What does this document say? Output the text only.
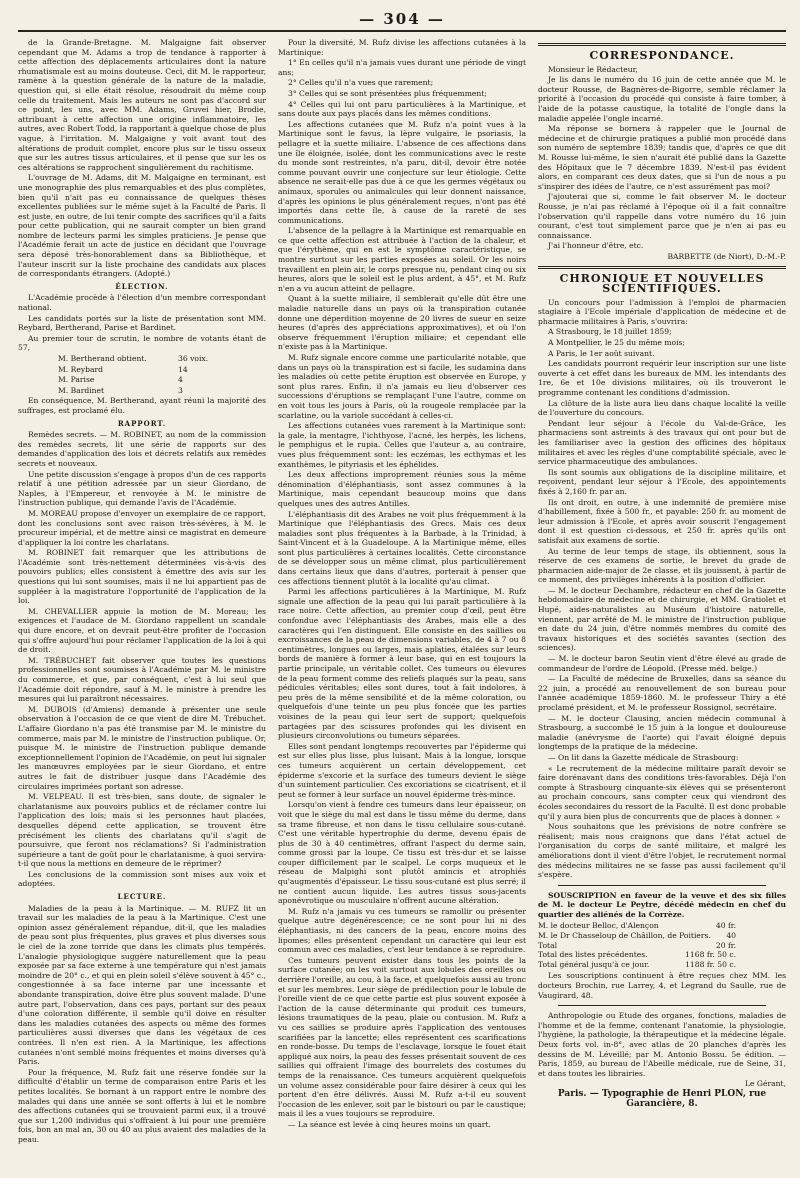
— 304 —

de la Grande-Bretagne. M. Malgaigne fait observer cependant que M. Adams a trop de tendance à rapporter à cette affection des déplacements articulaires dont la nature rhumatismale est au moins douteuse. Ceci, dit M. le rapporteur, ramène à la question générale de la nature de la maladie, question qui, si elle était résolue, résoudrait du même coup celle du traitement. Mais les auteurs ne sont pas d'accord sur ce point, les uns, avec MM. Adams, Gruvei hier, Brodie, attribuant à cette affection une origine inflammatoire, les autres, avec Robert Todd, la rapportant à quelque chose de plus vague, à l'irritation. M. Malgaigne y voit avant tout des altérations de produit complet, encore plus sur le tissu osseux que sur les autres tissus articulaires, et il pense que sur les os ces altérations se rapprochent singulièrement du rachitisme.

L'ouvrage de M. Adams, dit M. Malgaigne en terminant, est une monographie des plus remarquables et des plus complètes, bien qu'il n'ait pas eu connaissance de quelques thèses excellentes publiées sur le même sujet à la Faculté de Paris. Il est juste, en outre, de lui tenir compte des sacrifices qu'il a faits pour cette publication, qui ne saurait compter un bien grand nombre de lecteurs parmi les simples praticiens. Je pense que l'Académie ferait un acte de justice en décidant que l'ouvrage sera déposé très-honorablement dans sa Bibliothèque, et l'auteur inscrit sur la liste prochaine des candidats aux places de correspondants étrangers. (Adopté.)

ÉLECTION.

L'Académie procède à l'élection d'un membre correspondant national.

Les candidats portés sur la liste de présentation sont MM. Reybard, Bertherand, Parise et Bardinet.

Au premier tour de scrutin, le nombre de votants étant de 57,

M. Bertherand obtient.	36 voix.

M. Reybard	14

M. Parise	4

M. Bardinet	3

En conséquence, M. Bertherand, ayant réuni la majorité des suffrages, est proclamé élu.

RAPPORT.

Remèdes secrets. — M. ROBINET, au nom de la commission des remèdes secrets, lit une série de rapports sur des demandes d'application des lois et décrets relatifs aux remèdes secrets et nouveaux.

Une petite discussion s'engage à propos d'un de ces rapports relatif à une pétition adressée par un sieur Giordano, de Naples, à l'Empereur, et renvoyée à M. le ministre de l'instruction publique, qui demande l'avis de l'Académie.

M. MOREAU propose d'envoyer un exemplaire de ce rapport, dont les conclusions sont avec raison très-sévères, à M. le procureur impérial, et de mettre ainsi ce magistrat en demeure d'appliquer la loi contre les charlatans.

M. ROBINET fait remarquer que les attributions de l'Académie sont très-nettement déterminées vis-à-vis des pouvoirs publics; elles consistent à émettre des avis sur les questions qui lui sont soumises, mais il ne lui appartient pas de suppléer à la magistrature l'opportunité de l'application de la loi.

M. CHEVALLIER appuie la motion de M. Moreau; les exigences et l'audace de M. Giordano rappellent un scandale qui dure encore, et on devrait peut-être profiter de l'occasion qui s'offre aujourd'hui pour réclamer l'application de la loi à qui de droit.

M. TRÉBUCHET fait observer que toutes les questions professionnelles sont soumises à l'Académie par M. le ministre du commerce, et que, par conséquent, c'est à lui seul que l'Académie doit répondre, sauf à M. le ministre à prendre les mesures qui lui paraîtront nécessaires.

M. DUBOIS (d'Amiens) demande à présenter une seule observation à l'occasion de ce que vient de dire M. Trébuchet. L'affaire Giordano n'a pas été transmise par M. le ministre du commerce, mais par M. le ministre de l'instruction publique. Or, puisque M. le ministre de l'instruction publique demande exceptionnellement l'opinion de l'Académie, on peut lui signaler les manœuvres employées par le sieur Giordano, et entre autres le fait de distribuer jusque dans l'Académie des circulaires imprimées portant son adresse.

M. VELPEAU. Il est très-bien, sans doute, de signaler le charlatanisme aux pouvoirs publics et de réclamer contre lui l'application des lois; mais si les personnes haut placées, desquelles dépend cette application, se trouvent être précisément les clients des charlatans qu'il s'agit de poursuivre, que feront nos réclamations? Si l'administration supérieure a tant de goût pour le charlatanisme, à quoi servira-t-il que nous la mettions en demeure de le réprimer?

Les conclusions de la commission sont mises aux voix et adoptées.

LECTURE.

Maladies de la peau à la Martinique. — M. RUFZ lit un travail sur les maladies de la peau à la Martinique. C'est une opinion assez généralement répandue, dit-il, que les maladies de peau sont plus fréquentes, plus graves et plus diverses sous le ciel de la zone torride que dans les climats plus tempérés. L'analogie physiologique suggère naturellement que la peau exposée par sa face externe à une température qui n'est jamais moindre de 20° c., et qui en plein soleil s'élève souvent à 45° c., congestionnée à sa face interne par une incessante et abondante transpiration, doive être plus souvent malade. D'une autre part, l'observation, dans ces pays, portant sur des peaux d'une coloration différente, il semble qu'il doive en résulter dans les maladies cutanées des aspects ou même des formes particulières aussi diverses que dans les végétaux de ces contrées. Il n'en est rien. A la Martinique, les affections cutanées n'ont semblé moins fréquentes et moins diverses qu'à Paris.

Pour la fréquence, M. Rufz fait une réserve fondée sur la difficulté d'établir un terme de comparaison entre Paris et les petites localités. Se bornant à un rapport entre le nombre des malades qui dans une année se sont offerts à lui et le nombre des affections cutanées qui se trouvaient parmi eux, il a trouvé que sur 1,200 individus qui s'offraient à lui pour une première fois, bon an mal an, 30 ou 40 au plus avaient des maladies de la peau.

Pour la diversité, M. Rufz divise les affections cutanées à la Martinique:

1° En celles qu'il n'a jamais vues durant une période de vingt ans;

2° Celles qu'il n'a vues que rarement;

3° Celles qui se sont présentées plus fréquemment;

4° Celles qui lui ont paru particulières à la Martinique, et sans doute aux pays placés dans les mêmes conditions.

Les affections cutanées que M. Rufz n'a point vues à la Martinique sont le favus, la lèpre vulgaire, le psoriasis, la pellagre et la suette miliaire. L'absence de ces affections dans une île éloignée, isolée, dont les communications avec le reste du monde sont restreintes, n'a paru, dit-il, devoir être notée comme pouvant ouvrir une conjecture sur leur étiologie. Cette absence ne serait-elle pas due à ce que les germes végétaux ou animaux, sporules ou animalcules qui leur donnent naissance, d'après les opinions le plus généralement reçues, n'ont pas été importés dans cette île, à cause de la rareté de ses communications.

L'absence de la pellagre à la Martinique est remarquable en ce que cette affection est attribuée à l'action de la chaleur, et que l'érythème, qui en est le symptôme caractéristique, se montre surtout sur les parties exposées au soleil. Or les noirs travaillent en plein air, le corps presque nu, pendant cinq ou six heures, alors que le soleil est le plus ardent, à 45°, et M. Rufz n'en a vu aucun atteint de pellagre.

Quant à la suette miliaire, il semblerait qu'elle dût être une maladie naturelle dans un pays où la transpiration cutanée donne une déperdition moyenne de 20 livres de sueur en seize heures (d'après des appréciations approximatives), et où l'on observe fréquemment l'éruption miliaire; et cependant elle n'existe pas à la Martinique.

M. Rufz signale encore comme une particularité notable, que dans un pays où la transpiration est si facile, les sudamina dans les maladies où cette petite éruption est observée en Europe, y sont plus rares. Enfin, il n'a jamais eu lieu d'observer ces successions d'éruptions se remplaçant l'une l'autre, comme on en voit tous les jours à Paris, où la rougeole remplacée par la scarlatine, ou la variole succédant à celles-ci.

Les affections cutanées vues rarement à la Martinique sont: la gale, la mentagre, l'ichthyose, l'acné, les herpès, les lichens, le pemphigus et le rupia. Celles que l'auteur a, au contraire, vues plus fréquemment sont: les eczémas, les ecthymas et les exanthèmes, le pityriasis et les éphélides.

Les deux affections improprement réunies sous la même dénomination d'éléphantiasis, sont assez communes à la Martinique, mais cependant beaucoup moins que dans quelques unes des autres Antilles.

L'éléphantiasis dit des Arabes ne voit plus fréquemment à la Martinique que l'éléphantiasis des Grecs. Mais ces deux maladies sont plus fréquentes à la Barbade, à la Trinidad, à Saint-Vincent et à la Guadeloupe. A la Martinique même, elles sont plus particulières à certaines localités. Cette circonstance de se développer sous un même climat, plus particulièrement dans certains lieux que dans d'autres, porterait à penser que ces affections tiennent plutôt à la localité qu'au climat.

Parmi les affections particulières à la Martinique, M. Rufz signale une affection de la peau qui lui paraît particulière à la race noire. Cette affection, au premier coup d'œil, peut être confondue avec l'éléphantiasis des Arabes, mais elle a des caractères qui l'en distinguent. Elle consiste en des saillies ou excroissances de la peau de dimensions variables, de 4 à 7 ou 8 centimètres, longues ou larges, mais aplaties, étalées sur leurs bords de manière à former à leur base, qui en est toujours la partie principale, un véritable collet. Ces tumeurs ou élevures de la peau forment comme des reliefs plaqués sur la peau, sans pédicules véritables; elles sont dures, tout à fait indolores, à peu près de la même sensibilité et de la même coloration, ou quelquefois d'une teinte un peu plus foncée que les parties voisines de la peau qui leur sert de support; quelquefois partagées par des scissures profondes qui les divisent en plusieurs circonvolutions ou tumeurs séparées.

Elles sont pendant longtemps recouvertes par l'épiderme qui est sur elles plus lisse, plus luisant. Mais à la longue, lorsque ces tumeurs acquièrent un certain développement, cet épiderme s'excorie et la surface des tumeurs devient le siège d'un suintement particulier. Ces excoriations se cicatrisent, et il peut se former à leur surface un nouvel épiderme très-mince.

Lorsqu'on vient à fendre ces tumeurs dans leur épaisseur, on voit que le siège du mal est dans le tissu même du derme, dans sa trame fibreuse, et non dans le tissu cellulaire sous-cutané. C'est une véritable hypertrophie du derme, devenu épais de plus de 30 à 40 centimètres, offrant l'aspect du derme sain, comme grossi par la loupe. Ce tissu est très-dur et se laisse couper difficilement par le scalpel. Le corps muqueux et le réseau de Malpighi sont plutôt amincis et atrophiés qu'augmentés d'épaisseur. Le tissu sous-cutané est plus serré; il ne contient aucun liquide. Les autres tissus sous-jacents aponévrotique ou musculaire n'offrent aucune altération.

M. Rufz n'a jamais vu ces tumeurs se ramollir ou présenter quelque autre dégénérescence; ce ne sont pour lui ni des éléphantiasis, ni des cancers de la peau, encore moins des lipomes; elles présentent cependant un caractère qui leur est commun avec ces maladies, c'est leur tendance à se reproduire.

Ces tumeurs peuvent exister dans tous les points de la surface cutanée; on les voit surtout aux lobules des oreilles ou derrière l'oreille, au cou, à la face, et quelquefois aussi au tronc et sur les membres. Leur siège de prédilection pour le lobule de l'oreille vient de ce que cette partie est plus souvent exposée à l'action de la cause déterminante qui produit ces tumeurs, lésions traumatiques de la peau, plaie ou contusion. M. Rufz a vu ces saillies se produire après l'application des ventouses scarifiées par la lancette; elles représentent ces scarifications en ronde-bosse. Du temps de l'esclavage, lorsque le fouet était appliqué aux noirs, la peau des fesses présentait souvent de ces saillies qui offraient l'image des bourrelets des costumes du temps de la renaissance. Ces tumeurs acquièrent quelquefois un volume assez considérable pour faire désirer à ceux qui les portent d'en être délivrés. Aussi M. Rufz a-t-il eu souvent l'occasion de les enlever, soit par le bistouri ou par le caustique; mais il les a vues toujours se reproduire.

— La séance est levée à cinq heures moins un quart.

CORRESPONDANCE.

Monsieur le Rédacteur,

Je lis dans le numéro du 16 juin de cette année que M. le docteur Rousse, de Bagnères-de-Bigorre, semble réclamer la priorité à l'occasion du procédé qui consiste à faire tomber, à l'aide de la potasse caustique, la totalité de l'ongle dans la maladie appelée l'ongle incarné.

Ma réponse se bornera à rappeler que le Journal de médecine et de chirurgie pratiques a publié mon procédé dans son numéro de septembre 1839; tandis que, d'après ce que dit M. Rousse lui-même, le sien n'aurait été publié dans la Gazette des Hôpitaux que le 7 décembre 1839. N'est-il pas évident alors, en comparant ces deux dates, que si l'un de nous a pu s'inspirer des idées de l'autre, ce n'est assurément pas moi?

J'ajouterai que si, comme le fait observer M. le docteur Rousse, je n'ai pas réclamé à l'époque où il a fait connaître l'observation qu'il rappelle dans votre numéro du 16 juin courant, c'est tout simplement parce que je n'en ai pas eu connaissance.

J'ai l'honneur d'être, etc.

BARBETTE (de Niort), D.-M.-P.

CHRONIQUE ET NOUVELLES SCIENTIFIQUES.

Un concours pour l'admission à l'emploi de pharmacien stagiaire à l'Ecole impériale d'application de médecine et de pharmacie militaires à Paris, s'ouvrira:

A Strasbourg, le 18 juillet 1859;

A Montpellier, le 25 du même mois;

A Paris, le 1er août suivant.

Les candidats pourront requérir leur inscription sur une liste ouverte à cet effet dans les bureaux de MM. les intendants des 1re, 6e et 10e divisions militaires, où ils trouveront le programme contenant les conditions d'admission.

La clôture de la liste aura lieu dans chaque localité la veille de l'ouverture du concours.

Pendant leur séjour à l'école du Val-de-Grâce, les pharmaciens sont astreints à des travaux qui ont pour but de les familiariser avec la gestion des officines des hôpitaux militaires et avec les règles d'une comptabilité spéciale, avec le service pharmaceutique des ambulances.

Ils sont soumis aux obligations de la discipline militaire, et reçoivent, pendant leur séjour à l'Ecole, des appointements fixés à 2,160 fr. par an.

Ils ont droit, en outre, à une indemnité de première mise d'habillement, fixée à 500 fr., et payable: 250 fr. au moment de leur admission à l'Ecole, et après avoir souscrit l'engagement dont il est question ci-dessous, et 250 fr. après qu'ils ont satisfait aux examens de sortie.

Au terme de leur temps de stage, ils obtiennent, sous la réserve de ces examens de sortie, le brevet du grade de pharmacien aide-major de 2e classe, et ils jouissent, à partir de ce moment, des privilèges inhérents à la position d'officier.

— M. le docteur Dechambre, rédacteur en chef de la Gazette hebdomadaire de médecine et de chirurgie, et MM. Gratiolet et Hupé, aides-naturalistes au Muséum d'histoire naturelle, viennent, par arrêté de M. le ministre de l'instruction publique en date du 24 juin, d'être nommés membres du comité des travaux historiques et des sociétés savantes (section des sciences).

— M. le docteur baron Seutin vient d'être élevé au grade de commandeur de l'ordre de Léopold. (Presse méd. belge.)

— La Faculté de médecine de Bruxelles, dans sa séance du 22 juin, a procédé au renouvellement de son bureau pour l'année académique 1859-1860. M. le professeur Thiry a été proclamé président, et M. le professeur Rossignol, secrétaire.

— M. le docteur Clausing, ancien médecin communal à Strasbourg, a succombé le 15 juin à la longue et douloureuse maladie (anévrysme de l'aorte) qui l'avait éloigné depuis longtemps de la pratique de la médecine.

— On lit dans la Gazette médicale de Strasbourg:

« Le recrutement de la médecine militaire paraît devoir se faire dorénavant dans des conditions très-favorables. Déjà l'on compte à Strasbourg cinquante-six élèves qui se présenteront au prochain concours, sans compter ceux qui viendront des écoles secondaires du ressort de la Faculté. Il est donc probable qu'il y aura bien plus de concurrents que de places à donner. »

Nous souhaitons que les prévisions de notre confrère se réalisent; mais nous craignons que dans l'état actuel de l'organisation du corps de santé militaire, et malgré les améliorations dont il vient d'être l'objet, le recrutement normal des médecins militaires ne se fasse pas aussi facilement qu'il s'espère.

SOUSCRIPTION en faveur de la veuve et des six filles de M. le docteur Le Peytre, décédé médecin en chef du quartier des aliénés de la Corrèze.

M. le docteur Belloc, d'Alençon	40 fr.
M. le Dr Chasseloup de Châillon, de Poitiers. 40
Total	20 fr.
Total des listes précédentes.	1168 fr. 50 c.
Total général jusqu'à ce jour.	1188 fr. 50 c.

Les souscriptions continuent à être reçues chez MM. les docteurs Brochin, rue Larrey, 4, et Legrand du Saulle, rue de Vaugirard, 48.

Anthropologie ou Etude des organes, fonctions, maladies de l'homme et de la femme, contenant l'anatomie, la physiologie, l'hygiène, la pathologie, la thérapeutique et la médecine légale. Deux forts vol. in-8°, avec atlas de 20 planches d'après les dessins de M. Léveillé; par M. Antonio Bossu. 5e édition. — Paris, 1859, au bureau de l'Abeille médicale, rue de Seine, 31, et dans toutes les librairies.

Le Gérant,

Paris. — Typographie de Henri PLON, rue Garancière, 8.
